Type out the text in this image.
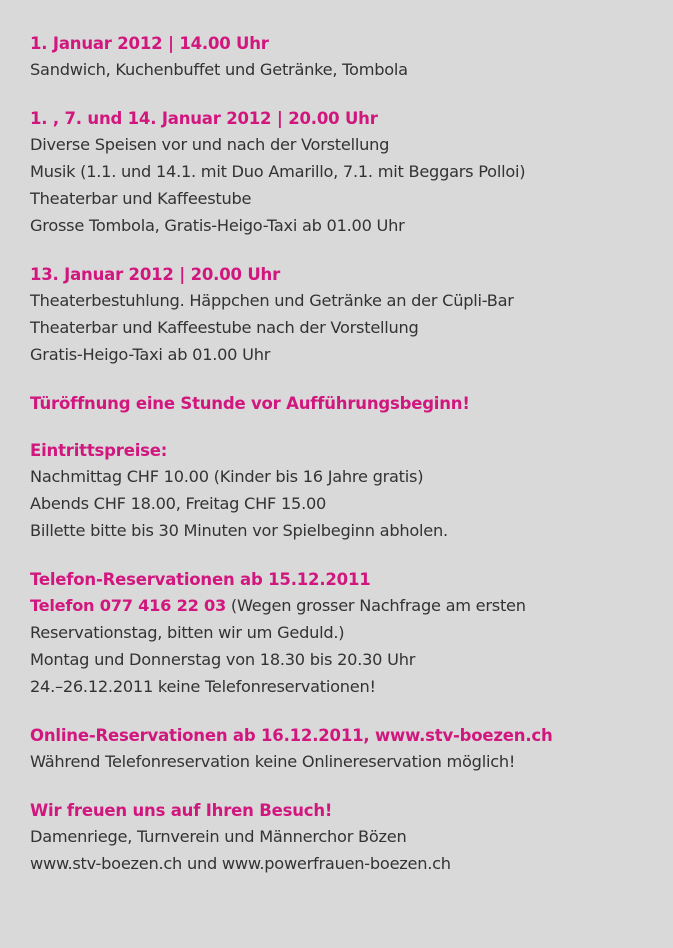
1. Januar 2012 | 14.00 Uhr
Sandwich, Kuchenbuffet und Getränke, Tombola
1. , 7. und 14. Januar 2012 | 20.00 Uhr
Diverse Speisen vor und nach der Vorstellung
Musik (1.1. und 14.1. mit Duo Amarillo, 7.1. mit Beggars Polloi)
Theaterbar und Kaffeestube
Grosse Tombola, Gratis-Heigo-Taxi ab 01.00 Uhr
13. Januar 2012 | 20.00 Uhr
Theaterbestuhlung. Häppchen und Getränke an der Cüpli-Bar
Theaterbar und Kaffeestube nach der Vorstellung
Gratis-Heigo-Taxi ab 01.00 Uhr
Türöffnung eine Stunde vor Aufführungsbeginn!
Eintrittspreise:
Nachmittag CHF 10.00 (Kinder bis 16 Jahre gratis)
Abends CHF 18.00, Freitag CHF 15.00
Billette bitte bis 30 Minuten vor Spielbeginn abholen.
Telefon-Reservationen ab 15.12.2011
Telefon 077 416 22 03 (Wegen grosser Nachfrage am ersten
Reservationstag, bitten wir um Geduld.)
Montag und Donnerstag von 18.30 bis 20.30 Uhr
24.–26.12.2011 keine Telefonreservationen!
Online-Reservationen ab 16.12.2011, www.stv-boezen.ch
Während Telefonreservation keine Onlinereservation möglich!
Wir freuen uns auf Ihren Besuch!
Damenriege, Turnverein und Männerchor Bözen
www.stv-boezen.ch und www.powerfrauen-boezen.ch
